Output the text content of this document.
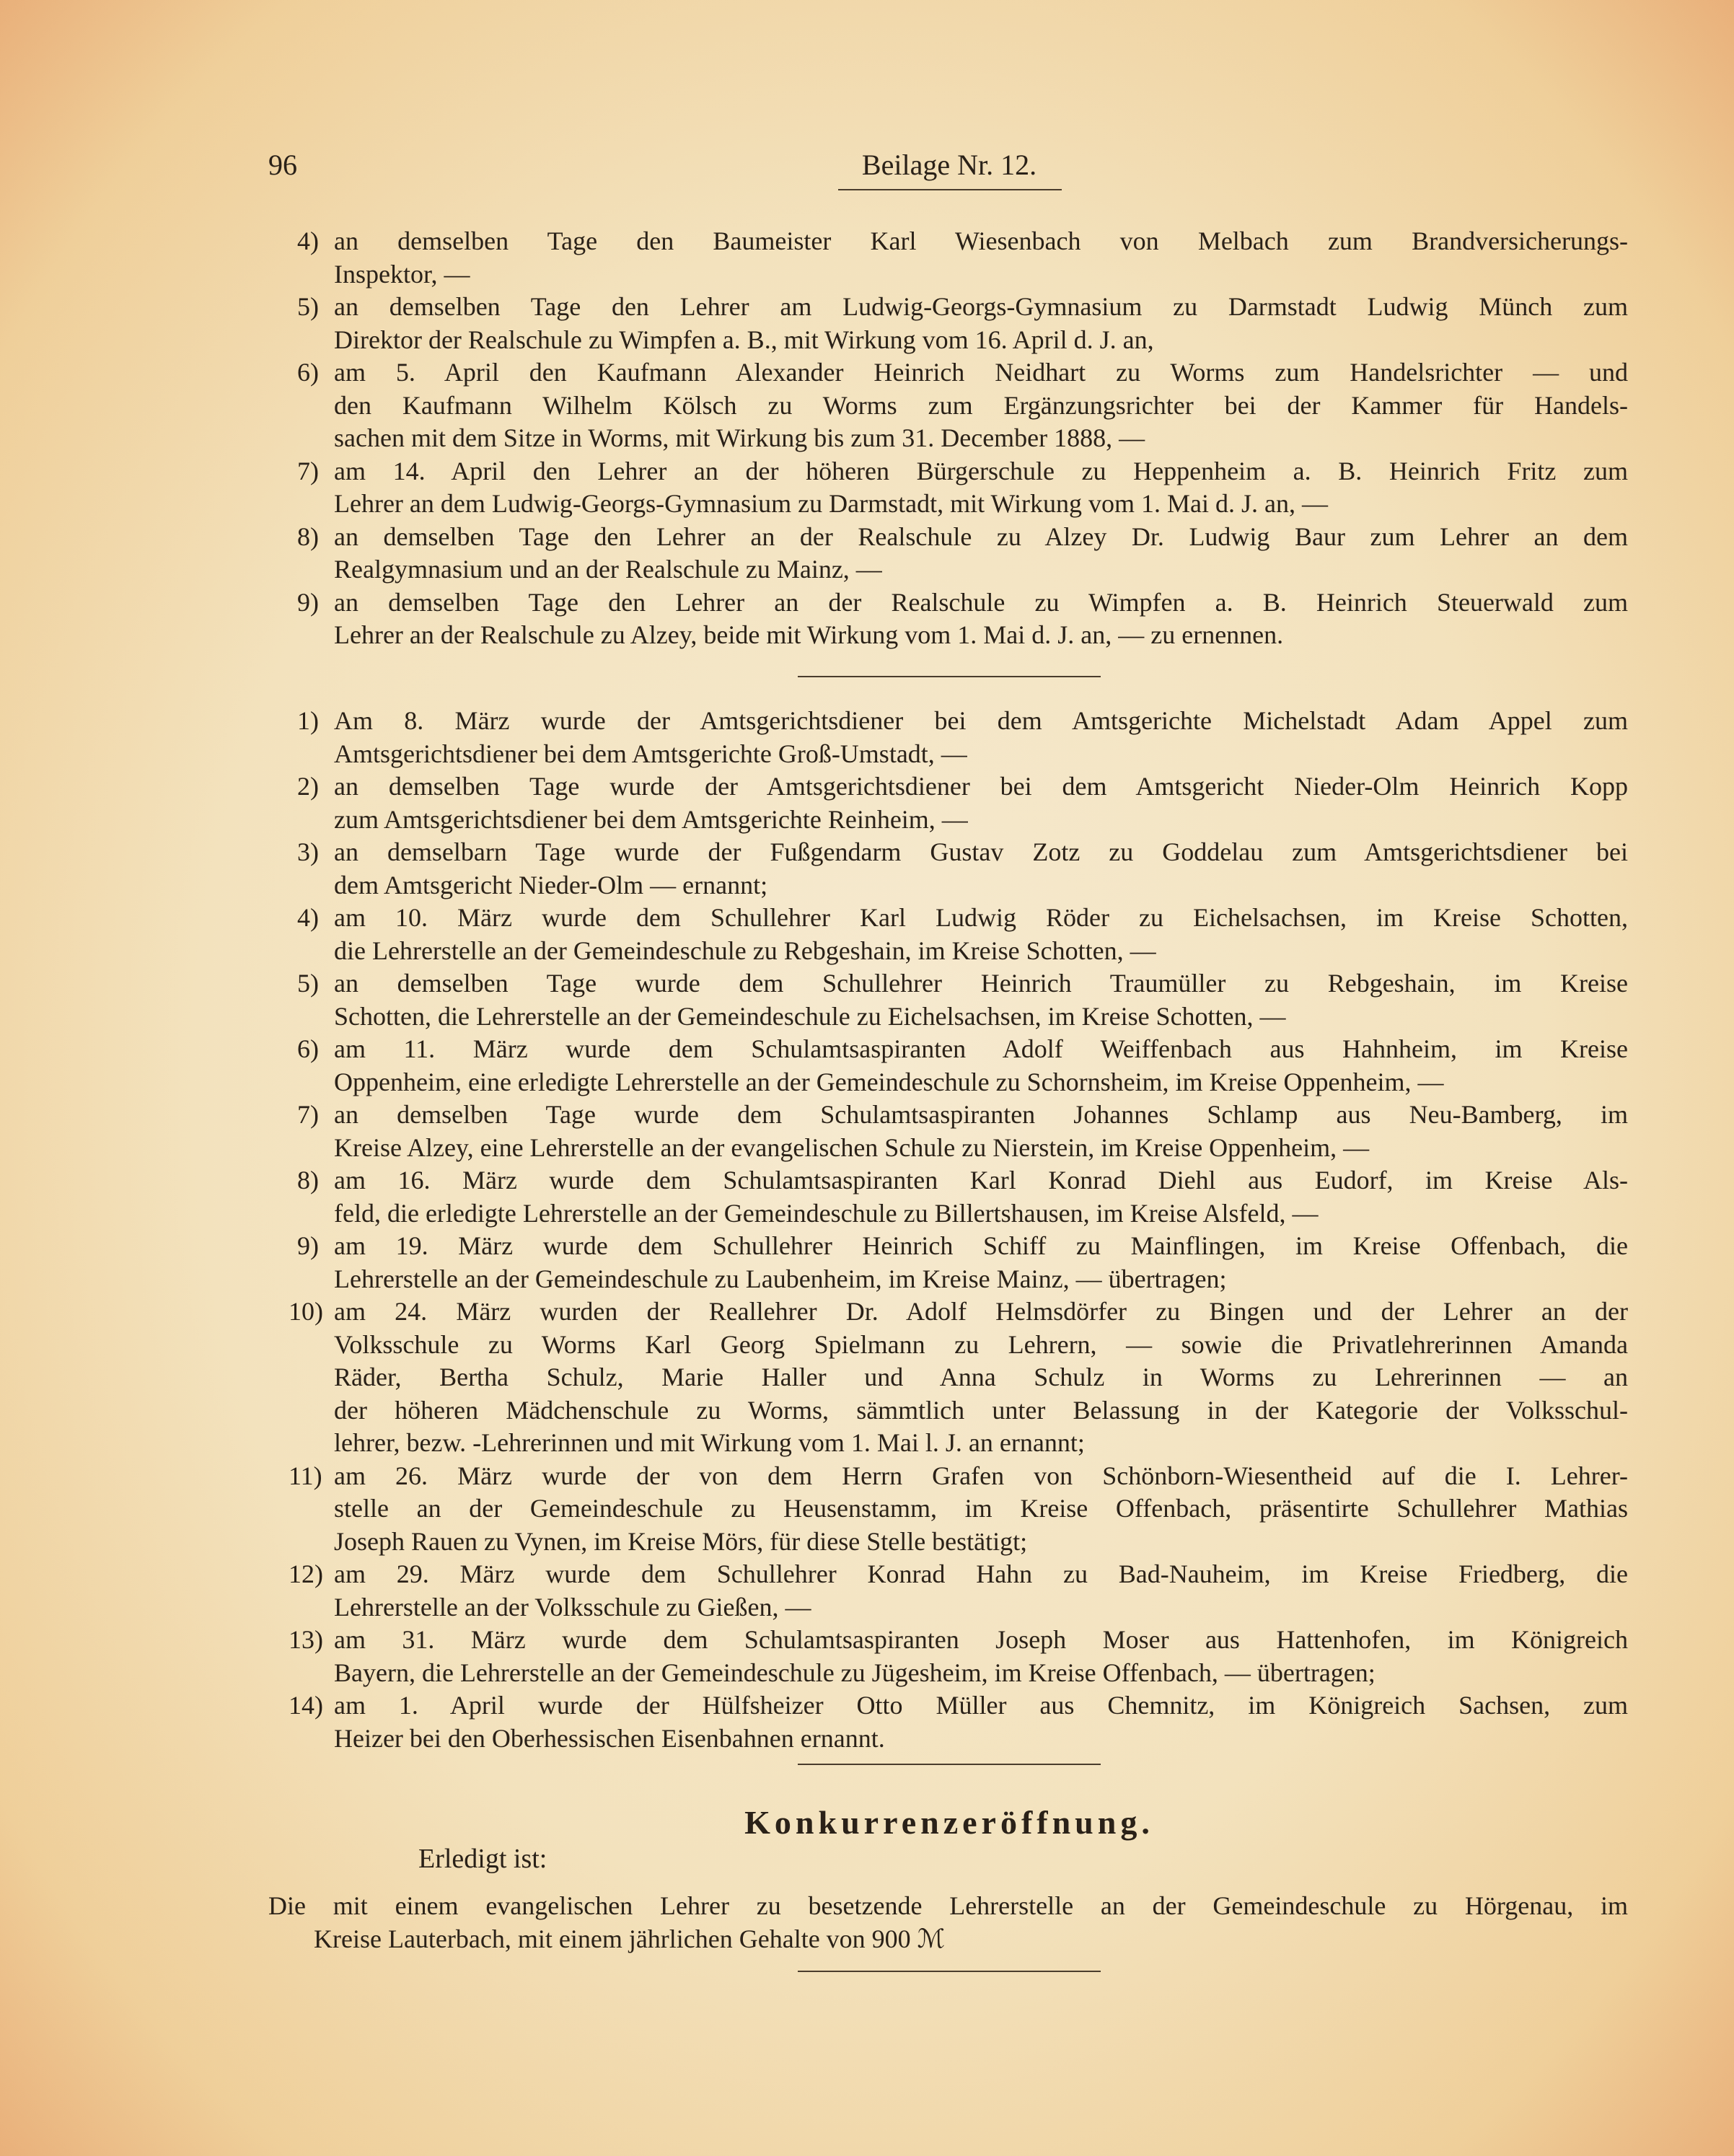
96	Beilage Nr. 12.
4) an demselben Tage den Baumeister Karl Wiesenbach von Melbach zum Brandversicherungs-
Inspektor, —
5) an demselben Tage den Lehrer am Ludwig-Georgs-Gymnasium zu Darmstadt Ludwig Münch zum
Direktor der Realschule zu Wimpfen a. B., mit Wirkung vom 16. April d. J. an,
6) am 5. April den Kaufmann Alexander Heinrich Neidhart zu Worms zum Handelsrichter — und
den Kaufmann Wilhelm Kölsch zu Worms zum Ergänzungsrichter bei der Kammer für Handels-
sachen mit dem Sitze in Worms, mit Wirkung bis zum 31. December 1888, —
7) am 14. April den Lehrer an der höheren Bürgerschule zu Heppenheim a. B. Heinrich Fritz zum
Lehrer an dem Ludwig-Georgs-Gymnasium zu Darmstadt, mit Wirkung vom 1. Mai d. J. an, —
8) an demselben Tage den Lehrer an der Realschule zu Alzey Dr. Ludwig Baur zum Lehrer an dem
Realgymnasium und an der Realschule zu Mainz, —
9) an demselben Tage den Lehrer an der Realschule zu Wimpfen a. B. Heinrich Steuerwald zum
Lehrer an der Realschule zu Alzey, beide mit Wirkung vom 1. Mai d. J. an, — zu ernennen.
1) Am 8. März wurde der Amtsgerichtsdiener bei dem Amtsgerichte Michelstadt Adam Appel zum
Amtsgerichtsdiener bei dem Amtsgerichte Groß-Umstadt, —
2) an demselben Tage wurde der Amtsgerichtsdiener bei dem Amtsgericht Nieder-Olm Heinrich Kopp
zum Amtsgerichtsdiener bei dem Amtsgerichte Reinheim, —
3) an demselbarn Tage wurde der Fußgendarm Gustav Zotz zu Goddelau zum Amtsgerichtsdiener bei
dem Amtsgericht Nieder-Olm — ernannt;
4) am 10. März wurde dem Schullehrer Karl Ludwig Röder zu Eichelsachsen, im Kreise Schotten,
die Lehrerstelle an der Gemeindeschule zu Rebgeshain, im Kreise Schotten, —
5) an demselben Tage wurde dem Schullehrer Heinrich Traumüller zu Rebgeshain, im Kreise
Schotten, die Lehrerstelle an der Gemeindeschule zu Eichelsachsen, im Kreise Schotten, —
6) am 11. März wurde dem Schulamtsaspiranten Adolf Weiffenbach aus Hahnheim, im Kreise
Oppenheim, eine erledigte Lehrerstelle an der Gemeindeschule zu Schornsheim, im Kreise Oppenheim, —
7) an demselben Tage wurde dem Schulamtsaspiranten Johannes Schlamp aus Neu-Bamberg, im
Kreise Alzey, eine Lehrerstelle an der evangelischen Schule zu Nierstein, im Kreise Oppenheim, —
8) am 16. März wurde dem Schulamtsaspiranten Karl Konrad Diehl aus Eudorf, im Kreise Als-
feld, die erledigte Lehrerstelle an der Gemeindeschule zu Billertshausen, im Kreise Alsfeld, —
9) am 19. März wurde dem Schullehrer Heinrich Schiff zu Mainflingen, im Kreise Offenbach, die
Lehrerstelle an der Gemeindeschule zu Laubenheim, im Kreise Mainz, — übertragen;
10) am 24. März wurden der Reallehrer Dr. Adolf Helmsdörfer zu Bingen und der Lehrer an der
Volksschule zu Worms Karl Georg Spielmann zu Lehrern, — sowie die Privatlehrerinnen Amanda
Räder, Bertha Schulz, Marie Haller und Anna Schulz in Worms zu Lehrerinnen — an
der höheren Mädchenschule zu Worms, sämmtlich unter Belassung in der Kategorie der Volksschul-
lehrer, bezw. -Lehrerinnen und mit Wirkung vom 1. Mai l. J. an ernannt;
11) am 26. März wurde der von dem Herrn Grafen von Schönborn-Wiesentheid auf die I. Lehrer-
stelle an der Gemeindeschule zu Heusenstamm, im Kreise Offenbach, präsentirte Schullehrer Mathias
Joseph Rauen zu Vynen, im Kreise Mörs, für diese Stelle bestätigt;
12) am 29. März wurde dem Schullehrer Konrad Hahn zu Bad-Nauheim, im Kreise Friedberg, die
Lehrerstelle an der Volksschule zu Gießen, —
13) am 31. März wurde dem Schulamtsaspiranten Joseph Moser aus Hattenhofen, im Königreich
Bayern, die Lehrerstelle an der Gemeindeschule zu Jügesheim, im Kreise Offenbach, — übertragen;
14) am 1. April wurde der Hülfsheizer Otto Müller aus Chemnitz, im Königreich Sachsen, zum
Heizer bei den Oberhessischen Eisenbahnen ernannt.
Konkurrenzeröffnung.
Erledigt ist:
Die mit einem evangelischen Lehrer zu besetzende Lehrerstelle an der Gemeindeschule zu Hörgenau, im
Kreise Lauterbach, mit einem jährlichen Gehalte von 900 ℳ
